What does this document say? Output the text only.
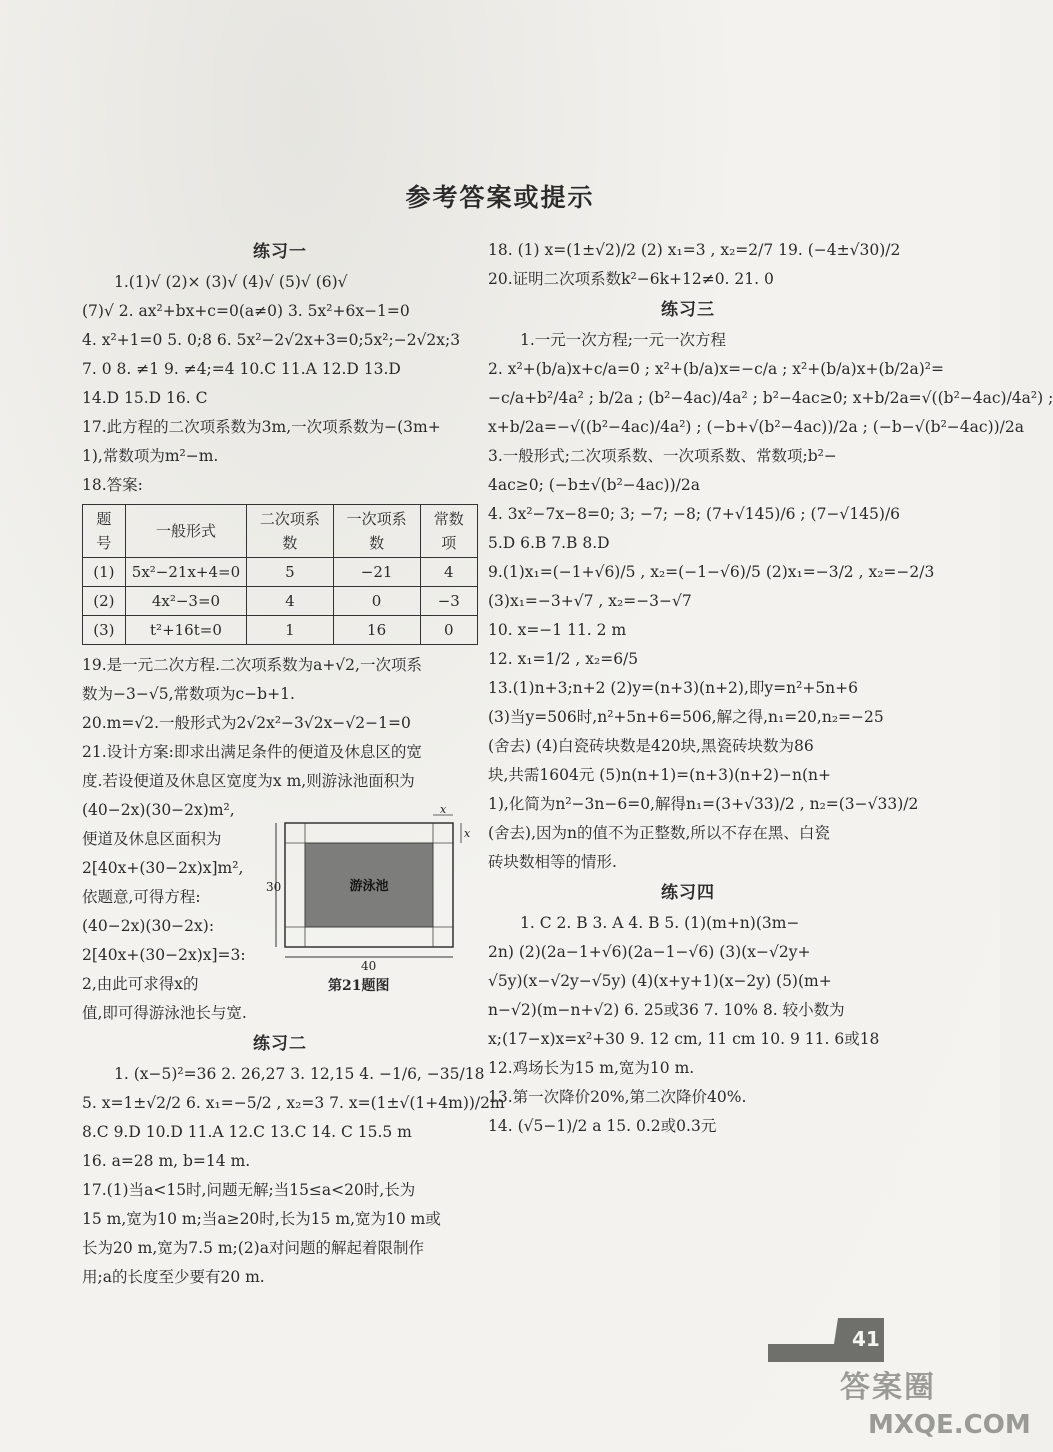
参考答案或提示
练习一
1.(1)√ (2)× (3)√ (4)√ (5)√ (6)√
(7)√ 2. ax²+bx+c=0(a≠0) 3. 5x²+6x−1=0
4. x²+1=0 5. 0;8 6. 5x²−2√2x+3=0;5x²;−2√2x;3
7. 0 8. ≠1 9. ≠4;=4 10.C 11.A 12.D 13.D
14.D 15.D 16. C
17.此方程的二次项系数为3m,一次项系数为−(3m+
1),常数项为m²−m.
18.答案:
题号	一般形式	二次项系数	一次项系数	常数项
(1)	5x²−21x+4=0	5	−21	4
(2)	4x²−3=0	4	0	−3
(3)	t²+16t=0	1	16	0
19.是一元二次方程.二次项系数为a+√2,一次项系
数为−3−√5,常数项为c−b+1.
20.m=√2.一般形式为2√2x²−3√2x−√2−1=0
21.设计方案:即求出满足条件的便道及休息区的宽
度.若设便道及休息区宽度为x m,则游泳池面积为
(40−2x)(30−2x)m²,
便道及休息区面积为
2[40x+(30−2x)x]m²,
依题意,可得方程:
(40−2x)(30−2x):
2[40x+(30−2x)x]=3:
2,由此可求得x的
值,即可得游泳池长与宽.
练习二
1. (x−5)²=36 2. 26,27 3. 12,15 4. −1/6, −35/18
5. x=1±√2/2 6. x₁=−5/2 , x₂=3 7. x=(1±√(1+4m))/2m
8.C 9.D 10.D 11.A 12.C 13.C 14. C 15.5 m
16. a=28 m, b=14 m.
17.(1)当a<15时,问题无解;当15≤a<20时,长为
15 m,宽为10 m;当a≥20时,长为15 m,宽为10 m或
长为20 m,宽为7.5 m;(2)a对问题的解起着限制作
用;a的长度至少要有20 m.
18. (1) x=(1±√2)/2 (2) x₁=3 , x₂=2/7 19. (−4±√30)/2
20.证明二次项系数k²−6k+12≠0. 21. 0
练习三
1.一元一次方程;一元一次方程
2. x²+(b/a)x+c/a=0 ; x²+(b/a)x=−c/a ; x²+(b/a)x+(b/2a)²=
−c/a+b²/4a² ; b/2a ; (b²−4ac)/4a² ; b²−4ac≥0; x+b/2a=√((b²−4ac)/4a²) ;
x+b/2a=−√((b²−4ac)/4a²) ; (−b+√(b²−4ac))/2a ; (−b−√(b²−4ac))/2a
3.一般形式;二次项系数、一次项系数、常数项;b²−
4ac≥0; (−b±√(b²−4ac))/2a
4. 3x²−7x−8=0; 3; −7; −8; (7+√145)/6 ; (7−√145)/6
5.D 6.B 7.B 8.D
9.(1)x₁=(−1+√6)/5 , x₂=(−1−√6)/5 (2)x₁=−3/2 , x₂=−2/3
(3)x₁=−3+√7 , x₂=−3−√7
10. x=−1 11. 2 m
12. x₁=1/2 , x₂=6/5
13.(1)n+3;n+2 (2)y=(n+3)(n+2),即y=n²+5n+6
(3)当y=506时,n²+5n+6=506,解之得,n₁=20,n₂=−25
(舍去) (4)白瓷砖块数是420块,黑瓷砖块数为86
块,共需1604元 (5)n(n+1)=(n+3)(n+2)−n(n+
1),化简为n²−3n−6=0,解得n₁=(3+√33)/2 , n₂=(3−√33)/2
(舍去),因为n的值不为正整数,所以不存在黑、白瓷
砖块数相等的情形.
练习四
1. C 2. B 3. A 4. B 5. (1)(m+n)(3m−
2n) (2)(2a−1+√6)(2a−1−√6) (3)(x−√2y+
√5y)(x−√2y−√5y) (4)(x+y+1)(x−2y) (5)(m+
n−√2)(m−n+√2) 6. 25或36 7. 10% 8. 较小数为
x;(17−x)x=x²+30 9. 12 cm, 11 cm 10. 9 11. 6或18
12.鸡场长为15 m,宽为10 m.
13.第一次降价20%,第二次降价40%.
14. (√5−1)/2 a 15. 0.2或0.3元
游泳池
30
40
x
x
第21题图
41
答案圈
MXQE.COM
